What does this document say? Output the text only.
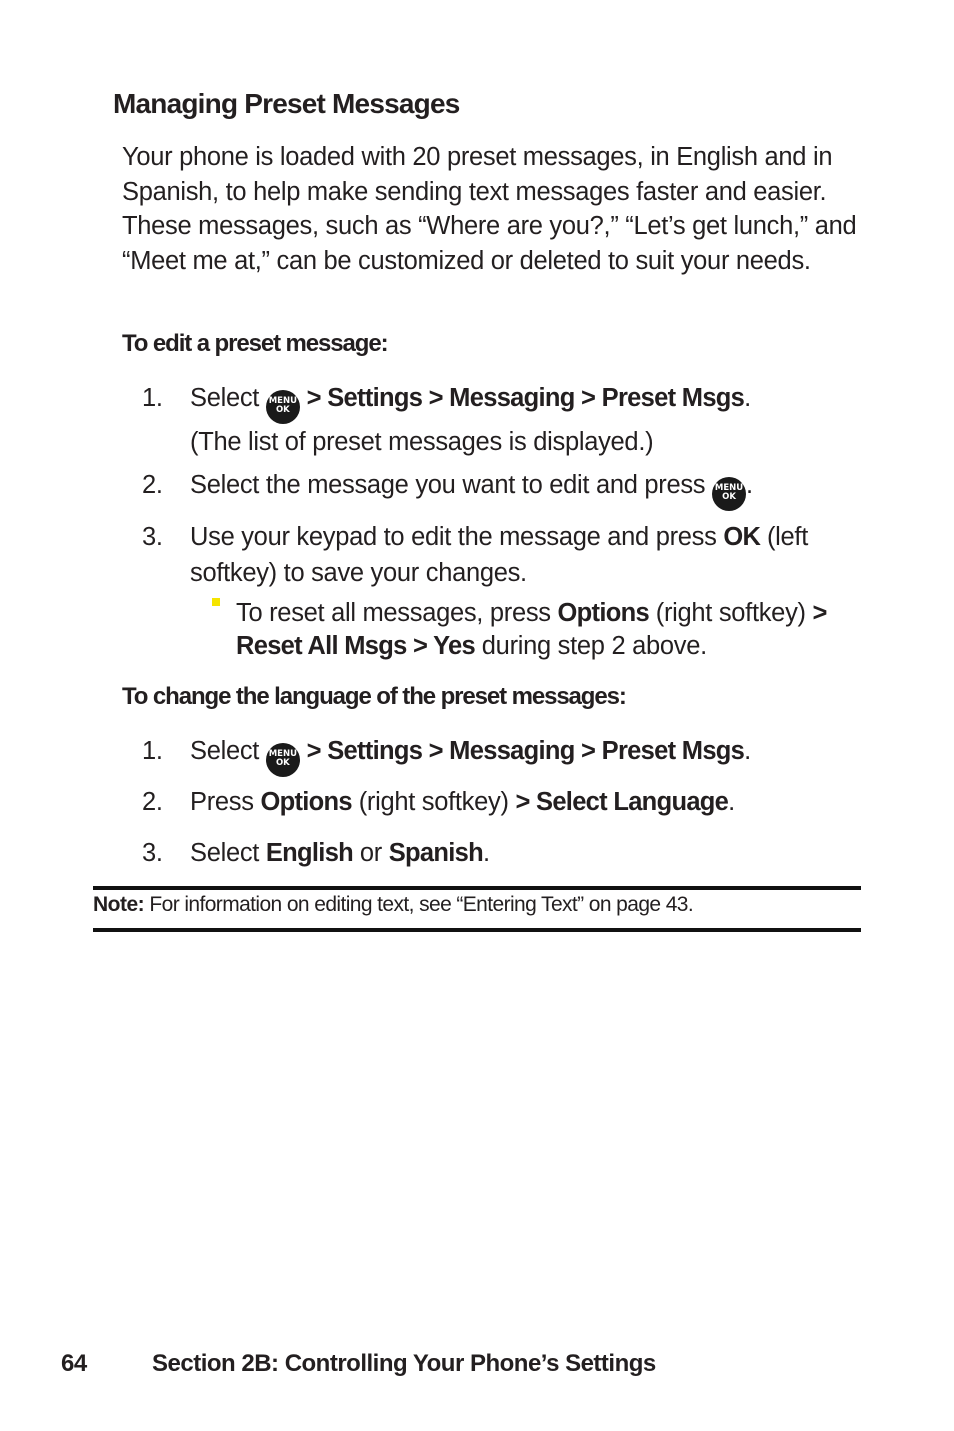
Managing Preset Messages
Your phone is loaded with 20 preset messages, in English and in Spanish, to help make sending text messages faster and easier. These messages, such as “Where are you?,” “Let’s get lunch,” and “Meet me at,” can be customized or deleted to suit your needs.
To edit a preset message:
1. Select MENU
OK > Settings > Messaging > Preset Msgs.
(The list of preset messages is displayed.)
2. Select the message you want to edit and press MENU
OK .
3. Use your keypad to edit the message and press OK (left
softkey) to save your changes.
To reset all messages, press Options (right softkey) >
Reset All Msgs > Yes during step 2 above.
To change the language of the preset messages:
1. Select MENU
OK > Settings > Messaging > Preset Msgs.
2. Press Options (right softkey) > Select Language.
3. Select English or Spanish.
Note: For information on editing text, see “Entering Text” on page 43.
64	Section 2B: Controlling Your Phone’s Settings
